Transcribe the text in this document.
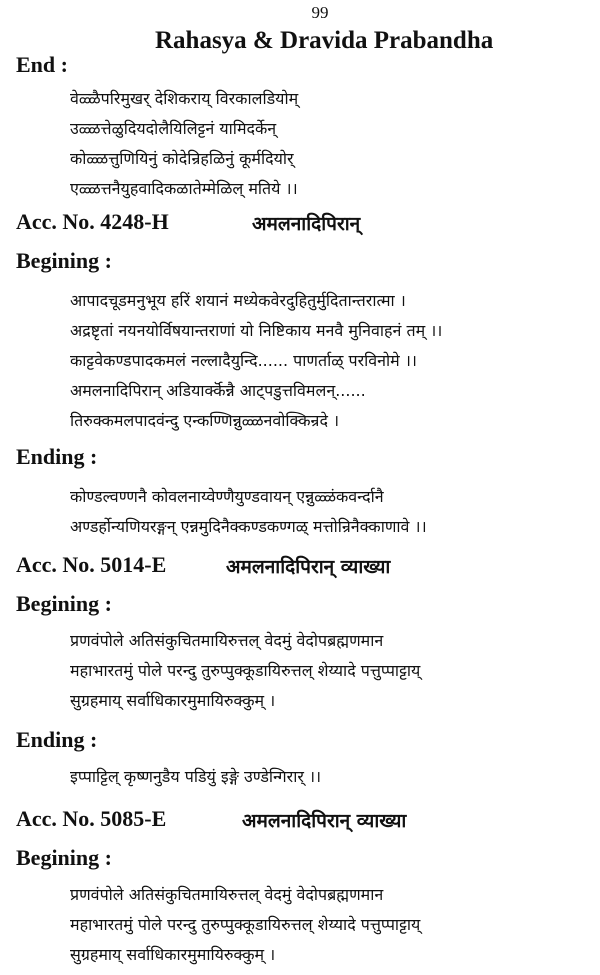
99
Rahasya & Dravida Prabandha
End :
वेळ्ळैपरिमुखर् देशिकराय् विरकालडियोम्
उळ्ळत्तेळुदियदोलैयिलिट्टनं यामिदर्केन्
कोळ्ळत्तुणियिनुं कोदेन्रिहळिनुं कूर्मदियोर्
एळ्ळत्तनैयुहवादिकळातेम्मेळिल् मतिये ।।
Acc. No. 4248-H	अमलनादिपिरान्
Begining :
आपादचूडमनुभूय हरिं शयानं मध्येकवेरदुहितुर्मुदितान्तरात्मा ।
अद्रष्टृतां नयनयोर्विषयान्तराणां यो निष्टिकाय मनवै मुनिवाहनं तम् ।।
काट्टवेकण्डपादकमलं नल्लादैयुन्दि...... पाणर्ताळ् परविनोमे ।।
अमलनादिपिरान् अडियार्क्कॆन्नै आट्पडुत्तविमलन्......
तिरुक्कमलपादवंन्दु एन्कण्णिन्नुळ्ळनवोक्किन्रदे ।
Ending :
कोण्डल्वण्णनै कोवलनाय्वेण्णैयुण्डवायन् एन्नुळ्ळंकवर्न्दानै
अण्डर्होन्यणियरङ्गन् एन्नमुदिनैक्कण्डकण्गळ् मत्तोन्रिनैक्काणावे ।।
Acc. No. 5014-E	अमलनादिपिरान् व्याख्या
Begining :
प्रणवंपोले अतिसंकुचितमायिरुत्तल् वेदमुं वेदोपब्रह्मणमान
महाभारतमुं पोले परन्दु तुरुप्पुक्कूडायिरुत्तल् शेय्यादे पत्तुप्पाट्टाय्
सुग्रहमाय् सर्वाधिकारमुमायिरुक्कुम् ।
Ending :
इप्पाट्टिल् कृष्णनुडैय पडियुं इङ्गे उण्डेन्गिरार् ।।
Acc. No. 5085-E	अमलनादिपिरान् व्याख्या
Begining :
प्रणवंपोले अतिसंकुचितमायिरुत्तल् वेदमुं वेदोपब्रह्मणमान
महाभारतमुं पोले परन्दु तुरुप्पुक्कूडायिरुत्तल् शेय्यादे पत्तुप्पाट्टाय्
सुग्रहमाय् सर्वाधिकारमुमायिरुक्कुम् ।
